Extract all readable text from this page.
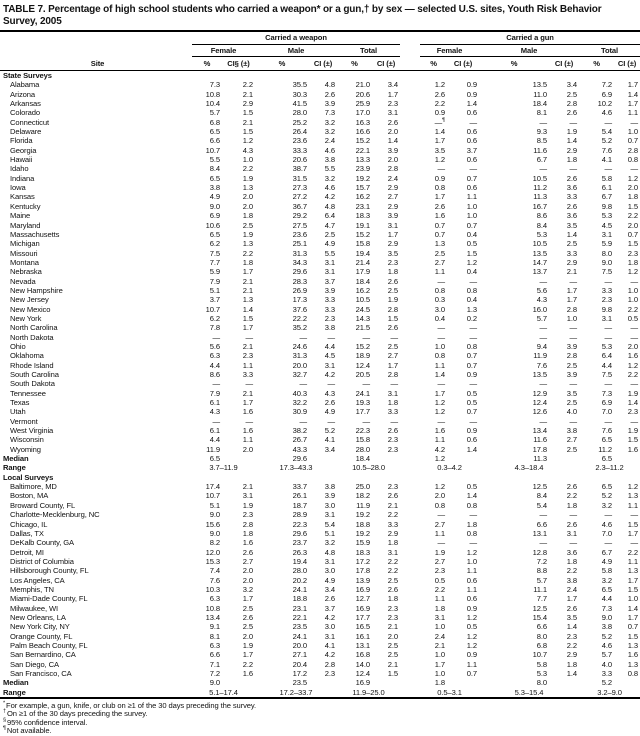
TABLE 7. Percentage of high school students who carried a weapon* or a gun,† by sex — selected U.S. sites, Youth Risk Behavior Survey, 2005
	Carried a weapon							Carried a gun					
	Female		Male		Total			Female		Male		Total	
Site	%	CI§ (±)	%	CI (±)	%	CI (±)		%	CI (±)	%	CI (±)	%	CI (±)
State Surveys													
Alabama	7.3	2.2	35.5	4.8	21.0	3.4		1.2	0.9	13.5	3.4	7.2	1.7
Arizona	10.8	2.1	30.3	2.6	20.6	1.7		2.6	0.9	11.0	2.5	6.9	1.4
Arkansas	10.4	2.9	41.5	3.9	25.9	2.3		2.2	1.4	18.4	2.8	10.2	1.7
Colorado	5.7	1.5	28.0	7.3	17.0	3.1		0.9	0.6	8.1	2.6	4.6	1.1
Connecticut	6.8	2.1	25.2	3.2	16.3	2.6		—¶	—	—	—	—	—
Delaware	6.5	1.5	26.4	3.2	16.6	2.0		1.4	0.6	9.3	1.9	5.4	1.0
Florida	6.6	1.2	23.6	2.4	15.2	1.4		1.7	0.6	8.5	1.4	5.2	0.7
Georgia	10.7	4.3	33.3	4.6	22.1	3.9		3.5	3.7	11.6	2.9	7.6	2.8
Hawaii	5.5	1.0	20.6	3.8	13.3	2.0		1.2	0.6	6.7	1.8	4.1	0.8
Idaho	8.4	2.2	38.7	5.5	23.9	2.8		—	—	—	—	—	—
Indiana	6.5	1.9	31.5	3.2	19.2	2.4		0.9	0.7	10.5	2.6	5.8	1.2
Iowa	3.8	1.3	27.3	4.6	15.7	2.9		0.8	0.6	11.2	3.6	6.1	2.0
Kansas	4.9	2.0	27.2	4.2	16.2	2.7		1.7	1.1	11.3	3.3	6.7	1.8
Kentucky	9.0	2.0	36.7	4.8	23.1	2.9		2.6	1.0	16.7	2.6	9.8	1.5
Maine	6.9	1.8	29.2	6.4	18.3	3.9		1.6	1.0	8.6	3.6	5.3	2.2
Maryland	10.6	2.5	27.5	4.7	19.1	3.1		0.7	0.7	8.4	3.5	4.5	2.0
Massachusetts	6.5	1.9	23.6	2.5	15.2	1.7		0.7	0.4	5.3	1.4	3.1	0.7
Michigan	6.2	1.3	25.1	4.9	15.8	2.9		1.3	0.5	10.5	2.5	5.9	1.5
Missouri	7.5	2.2	31.3	5.5	19.4	3.5		2.5	1.5	13.5	3.3	8.0	2.3
Montana	7.7	1.8	34.3	3.1	21.4	2.3		2.7	1.2	14.7	2.9	9.0	1.8
Nebraska	5.9	1.7	29.6	3.1	17.9	1.8		1.1	0.4	13.7	2.1	7.5	1.2
Nevada	7.9	2.1	28.3	3.7	18.4	2.6		—	—	—	—	—	—
New Hampshire	5.1	2.1	26.9	3.9	16.2	2.5		0.8	0.8	5.6	1.7	3.3	1.0
New Jersey	3.7	1.3	17.3	3.3	10.5	1.9		0.3	0.4	4.3	1.7	2.3	1.0
New Mexico	10.7	1.4	37.6	3.3	24.5	2.8		3.0	1.3	16.0	2.8	9.8	2.2
New York	6.2	1.5	22.2	2.3	14.3	1.5		0.4	0.2	5.7	1.0	3.1	0.5
North Carolina	7.8	1.7	35.2	3.8	21.5	2.6		—	—	—	—	—	—
North Dakota	—	—	—	—	—	—		—	—	—	—	—	—
Ohio	5.6	2.1	24.6	4.4	15.2	2.5		1.0	0.8	9.4	3.9	5.3	2.0
Oklahoma	6.3	2.3	31.3	4.5	18.9	2.7		0.8	0.7	11.9	2.8	6.4	1.6
Rhode Island	4.4	1.1	20.0	3.1	12.4	1.7		1.1	0.7	7.6	2.5	4.4	1.2
South Carolina	8.6	3.3	32.7	4.2	20.5	2.8		1.4	0.9	13.5	3.9	7.5	2.2
South Dakota	—	—	—	—	—	—		—	—	—	—	—	—
Tennessee	7.9	2.1	40.3	4.3	24.1	3.1		1.7	0.5	12.9	3.5	7.3	1.9
Texas	6.1	1.7	32.2	2.6	19.3	1.8		1.2	0.5	12.4	2.5	6.9	1.4
Utah	4.3	1.6	30.9	4.9	17.7	3.3		1.2	0.7	12.6	4.0	7.0	2.3
Vermont	—	—	—	—	—	—		—	—	—	—	—	—
West Virginia	6.1	1.6	38.2	5.2	22.3	2.6		1.6	0.9	13.4	3.8	7.6	1.9
Wisconsin	4.4	1.1	26.7	4.1	15.8	2.3		1.1	0.6	11.6	2.7	6.5	1.5
Wyoming	11.9	2.0	43.3	3.4	28.0	2.3		4.2	1.4	17.8	2.5	11.2	1.6
Median	6.5		29.6		18.4			1.2		11.3		6.5	
Range	3.7–11.9		17.3–43.3		10.5–28.0			0.3–4.2		4.3–18.4		2.3–11.2	
Local Surveys													
Baltimore, MD	17.4	2.1	33.7	3.8	25.0	2.3		1.2	0.5	12.5	2.6	6.5	1.2
Boston, MA	10.7	3.1	26.1	3.9	18.2	2.6		2.0	1.4	8.4	2.2	5.2	1.3
Broward County, FL	5.1	1.9	18.7	3.0	11.9	2.1		0.8	0.8	5.4	1.8	3.2	1.1
Charlotte-Mecklenburg, NC	9.0	2.3	28.9	3.1	19.2	2.2		—	—	—	—	—	—
Chicago, IL	15.6	2.8	22.3	5.4	18.8	3.3		2.7	1.8	6.6	2.6	4.6	1.5
Dallas, TX	9.0	1.8	29.6	5.1	19.2	2.9		1.1	0.8	13.1	3.1	7.0	1.7
DeKalb County, GA	8.2	1.6	23.7	3.2	15.9	1.8		—	—	—	—	—	—
Detroit, MI	12.0	2.6	26.3	4.8	18.3	3.1		1.9	1.2	12.8	3.6	6.7	2.2
District of Columbia	15.3	2.7	19.4	3.1	17.2	2.2		2.7	1.0	7.2	1.8	4.9	1.1
Hillsborough County, FL	7.4	2.0	28.0	3.0	17.8	2.2		2.3	1.1	8.8	2.2	5.8	1.3
Los Angeles, CA	7.6	2.0	20.2	4.9	13.9	2.5		0.5	0.6	5.7	3.8	3.2	1.7
Memphis, TN	10.3	3.2	24.1	3.4	16.9	2.6		2.2	1.1	11.1	2.4	6.5	1.5
Miami-Dade County, FL	6.3	1.7	18.8	2.6	12.7	1.8		1.1	0.6	7.7	1.7	4.4	1.0
Milwaukee, WI	10.8	2.5	23.1	3.7	16.9	2.3		1.8	0.9	12.5	2.6	7.3	1.4
New Orleans, LA	13.4	2.6	22.1	4.2	17.7	2.3		3.1	1.2	15.4	3.5	9.0	1.7
New York City, NY	9.1	2.5	23.5	3.0	16.5	2.1		1.0	0.5	6.6	1.4	3.8	0.7
Orange County, FL	8.1	2.0	24.1	3.1	16.1	2.0		2.4	1.2	8.0	2.3	5.2	1.5
Palm Beach County, FL	6.3	1.9	20.0	4.1	13.1	2.5		2.1	1.2	6.8	2.2	4.6	1.3
San Bernardino, CA	6.6	1.7	27.1	4.2	16.8	2.5		1.0	0.9	10.7	2.9	5.7	1.6
San Diego, CA	7.1	2.2	20.4	2.8	14.0	2.1		1.7	1.1	5.8	1.8	4.0	1.3
San Francisco, CA	7.2	1.6	17.2	2.3	12.4	1.5		1.0	0.7	5.3	1.4	3.3	0.8
Median	9.0		23.5		16.9			1.8		8.0		5.2	
Range	5.1–17.4		17.2–33.7		11.9–25.0			0.5–3.1		5.3–15.4		3.2–9.0	
*For example, a gun, knife, or club on ≥1 of the 30 days preceding the survey.
†On ≥1 of the 30 days preceding the survey.
§95% confidence interval.
¶Not available.
